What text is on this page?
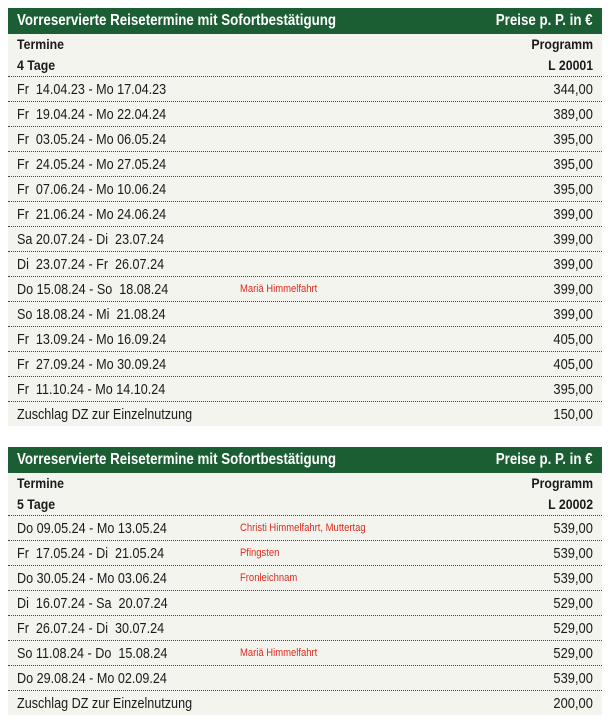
Vorreservierte Reisetermine mit Sofortbestätigung	Preise p. P. in €
Termine	Programm
4 Tage	L 20001
Fr  14.04.23 - Mo 17.04.23	344,00
Fr  19.04.24 - Mo 22.04.24	389,00
Fr  03.05.24 - Mo 06.05.24	395,00
Fr  24.05.24 - Mo 27.05.24	395,00
Fr  07.06.24 - Mo 10.06.24	395,00
Fr  21.06.24 - Mo 24.06.24	399,00
Sa 20.07.24 - Di  23.07.24	399,00
Di  23.07.24 - Fr  26.07.24	399,00
Do 15.08.24 - So  18.08.24	Mariä Himmelfahrt	399,00
So 18.08.24 - Mi  21.08.24	399,00
Fr  13.09.24 - Mo 16.09.24	405,00
Fr  27.09.24 - Mo 30.09.24	405,00
Fr  11.10.24 - Mo 14.10.24	395,00
Zuschlag DZ zur Einzelnutzung	150,00
Vorreservierte Reisetermine mit Sofortbestätigung	Preise p. P. in €
Termine	Programm
5 Tage	L 20002
Do 09.05.24 - Mo 13.05.24	Christi Himmelfahrt, Muttertag	539,00
Fr  17.05.24 - Di  21.05.24	Pfingsten	539,00
Do 30.05.24 - Mo 03.06.24	Fronleichnam	539,00
Di  16.07.24 - Sa  20.07.24	529,00
Fr  26.07.24 - Di  30.07.24	529,00
So 11.08.24 - Do  15.08.24	Mariä Himmelfahrt	529,00
Do 29.08.24 - Mo 02.09.24	539,00
Zuschlag DZ zur Einzelnutzung	200,00
